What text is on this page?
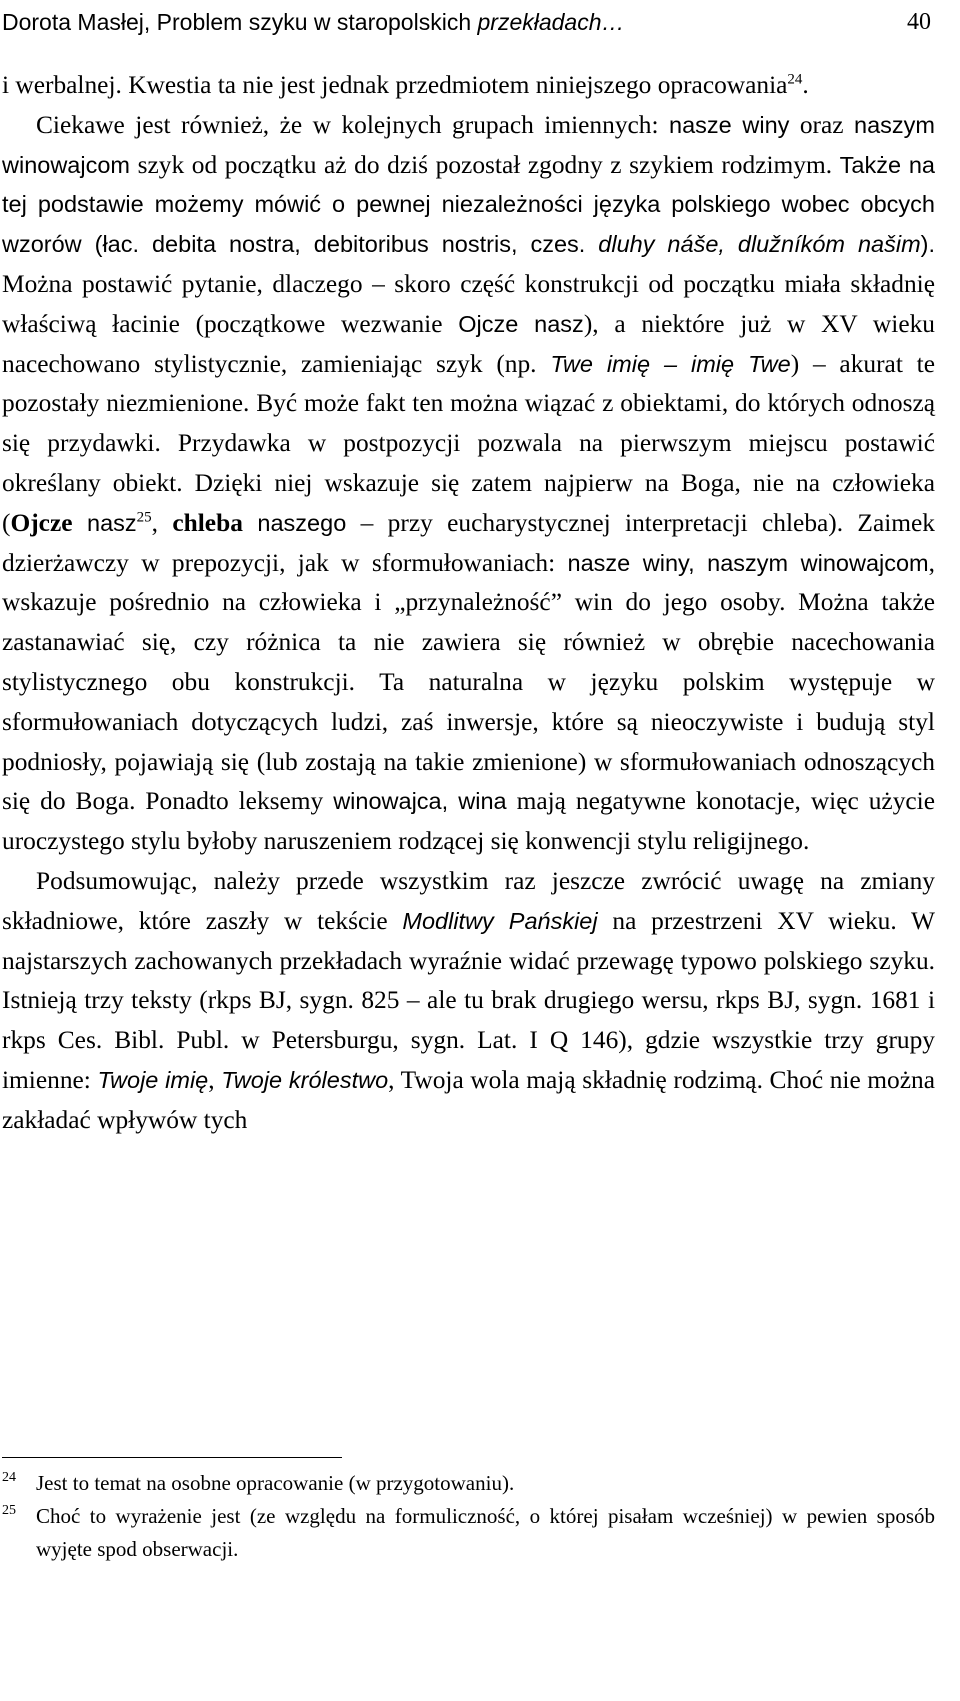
Dorota Masłej, Problem szyku w staropolskich przekładach…	40

i werbalnej. Kwestia ta nie jest jednak przedmiotem niniejszego opracowania$^{24}$.

Ciekawe jest również, że w kolejnych grupach imiennych: nasze winy oraz naszym winowajcom szyk od początku aż do dziś pozostał zgodny z szykiem rodzimym. Także na tej podstawie możemy mówić o pewnej niezależności języka polskiego wobec obcych wzorów (łac. debita nostra, debitoribus nostris, czes. dluhy náše, dlužníkóm našim). Można postawić pytanie, dlaczego – skoro część konstrukcji od początku miała składnię właściwą łacinie (początkowe wezwanie Ojcze nasz), a niektóre już w XV wieku nacechowano stylistycznie, zamieniając szyk (np. Twe imię – imię Twe) – akurat te pozostały niezmienione. Być może fakt ten można wiązać z obiektami, do których odnoszą się przydawki. Przydawka w postpozycji pozwala na pierwszym miejscu postawić określany obiekt. Dzięki niej wskazuje się zatem najpierw na Boga, nie na człowieka (Ojcze nasz$^{25}$, chleba naszego – przy eucharystycznej interpretacji chleba). Zaimek dzierżawczy w prepozycji, jak w sformułowaniach: nasze winy, naszym winowajcom, wskazuje pośrednio na człowieka i „przynależność” win do jego osoby. Można także zastanawiać się, czy różnica ta nie zawiera się również w obrębie nacechowania stylistycznego obu konstrukcji. Ta naturalna w języku polskim występuje w sformułowaniach dotyczących ludzi, zaś inwersje, które są nieoczywiste i budują styl podniosły, pojawiają się (lub zostają na takie zmienione) w sformułowaniach odnoszących się do Boga. Ponadto leksemy winowajca, wina mają negatywne konotacje, więc użycie uroczystego stylu byłoby naruszeniem rodzącej się konwencji stylu religijnego.

Podsumowując, należy przede wszystkim raz jeszcze zwrócić uwagę na zmiany składniowe, które zaszły w tekście Modlitwy Pańskiej na przestrzeni XV wieku. W najstarszych zachowanych przekładach wyraźnie widać przewagę typowo polskiego szyku. Istnieją trzy teksty (rkps BJ, sygn. 825 – ale tu brak drugiego wersu, rkps BJ, sygn. 1681 i rkps Ces. Bibl. Publ. w Petersburgu, sygn. Lat. I Q 146), gdzie wszystkie trzy grupy imienne: Twoje imię, Twoje królestwo, Twoja wola mają składnię rodzimą. Choć nie można zakładać wpływów tych

24 Jest to temat na osobne opracowanie (w przygotowaniu).
25 Choć to wyrażenie jest (ze względu na formuliczność, o której pisałam wcześniej) w pewien sposób wyjęte spod obserwacji.
